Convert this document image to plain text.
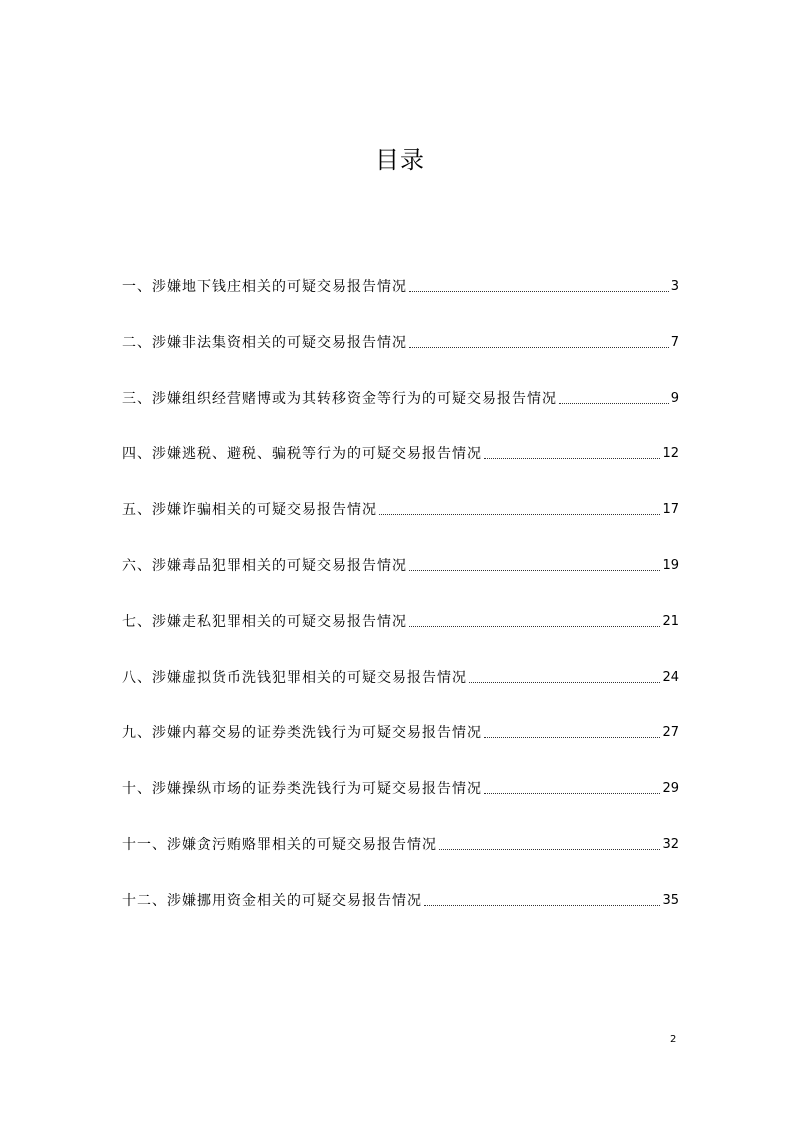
目录
一、涉嫌地下钱庄相关的可疑交易报告情况	3
二、涉嫌非法集资相关的可疑交易报告情况	7
三、涉嫌组织经营赌博或为其转移资金等行为的可疑交易报告情况	9
四、涉嫌逃税、避税、骗税等行为的可疑交易报告情况	12
五、涉嫌诈骗相关的可疑交易报告情况	17
六、涉嫌毒品犯罪相关的可疑交易报告情况	19
七、涉嫌走私犯罪相关的可疑交易报告情况	21
八、涉嫌虚拟货币洗钱犯罪相关的可疑交易报告情况	24
九、涉嫌内幕交易的证券类洗钱行为可疑交易报告情况	27
十、涉嫌操纵市场的证券类洗钱行为可疑交易报告情况	29
十一、涉嫌贪污贿赂罪相关的可疑交易报告情况	32
十二、涉嫌挪用资金相关的可疑交易报告情况	35
2
